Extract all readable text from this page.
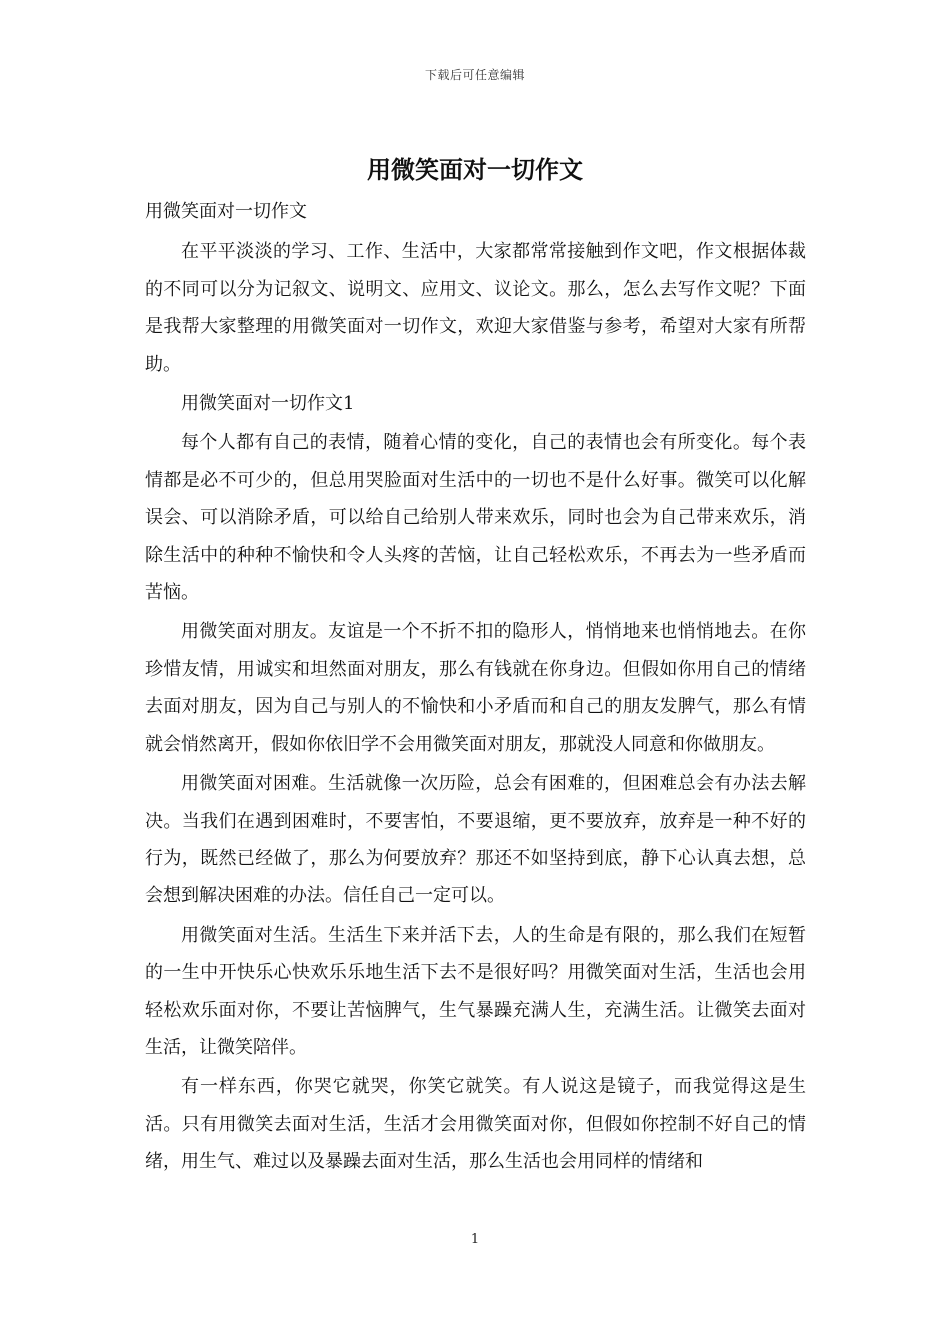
下载后可任意编辑
用微笑面对一切作文

用微笑面对一切作文

在平平淡淡的学习、工作、生活中，大家都常常接触到作文吧，作文根据体裁的不同可以分为记叙文、说明文、应用文、议论文。那么，怎么去写作文呢？下面是我帮大家整理的用微笑面对一切作文，欢迎大家借鉴与参考，希望对大家有所帮助。

用微笑面对一切作文1

每个人都有自己的表情，随着心情的变化，自己的表情也会有所变化。每个表情都是必不可少的，但总用哭脸面对生活中的一切也不是什么好事。微笑可以化解误会、可以消除矛盾，可以给自己给别人带来欢乐，同时也会为自己带来欢乐，消除生活中的种种不愉快和令人头疼的苦恼，让自己轻松欢乐，不再去为一些矛盾而苦恼。

用微笑面对朋友。友谊是一个不折不扣的隐形人，悄悄地来也悄悄地去。在你珍惜友情，用诚实和坦然面对朋友，那么有钱就在你身边。但假如你用自己的情绪去面对朋友，因为自己与别人的不愉快和小矛盾而和自己的朋友发脾气，那么有情就会悄然离开，假如你依旧学不会用微笑面对朋友，那就没人同意和你做朋友。

用微笑面对困难。生活就像一次历险，总会有困难的，但困难总会有办法去解决。当我们在遇到困难时，不要害怕，不要退缩，更不要放弃，放弃是一种不好的行为，既然已经做了，那么为何要放弃？那还不如坚持到底，静下心认真去想，总会想到解决困难的办法。信任自己一定可以。

用微笑面对生活。生活生下来并活下去，人的生命是有限的，那么我们在短暂的一生中开快乐心快欢乐乐地生活下去不是很好吗？用微笑面对生活，生活也会用轻松欢乐面对你，不要让苦恼脾气，生气暴躁充满人生，充满生活。让微笑去面对生活，让微笑陪伴。

有一样东西，你哭它就哭，你笑它就笑。有人说这是镜子，而我觉得这是生活。只有用微笑去面对生活，生活才会用微笑面对你，但假如你控制不好自己的情绪，用生气、难过以及暴躁去面对生活，那么生活也会用同样的情绪和

1
